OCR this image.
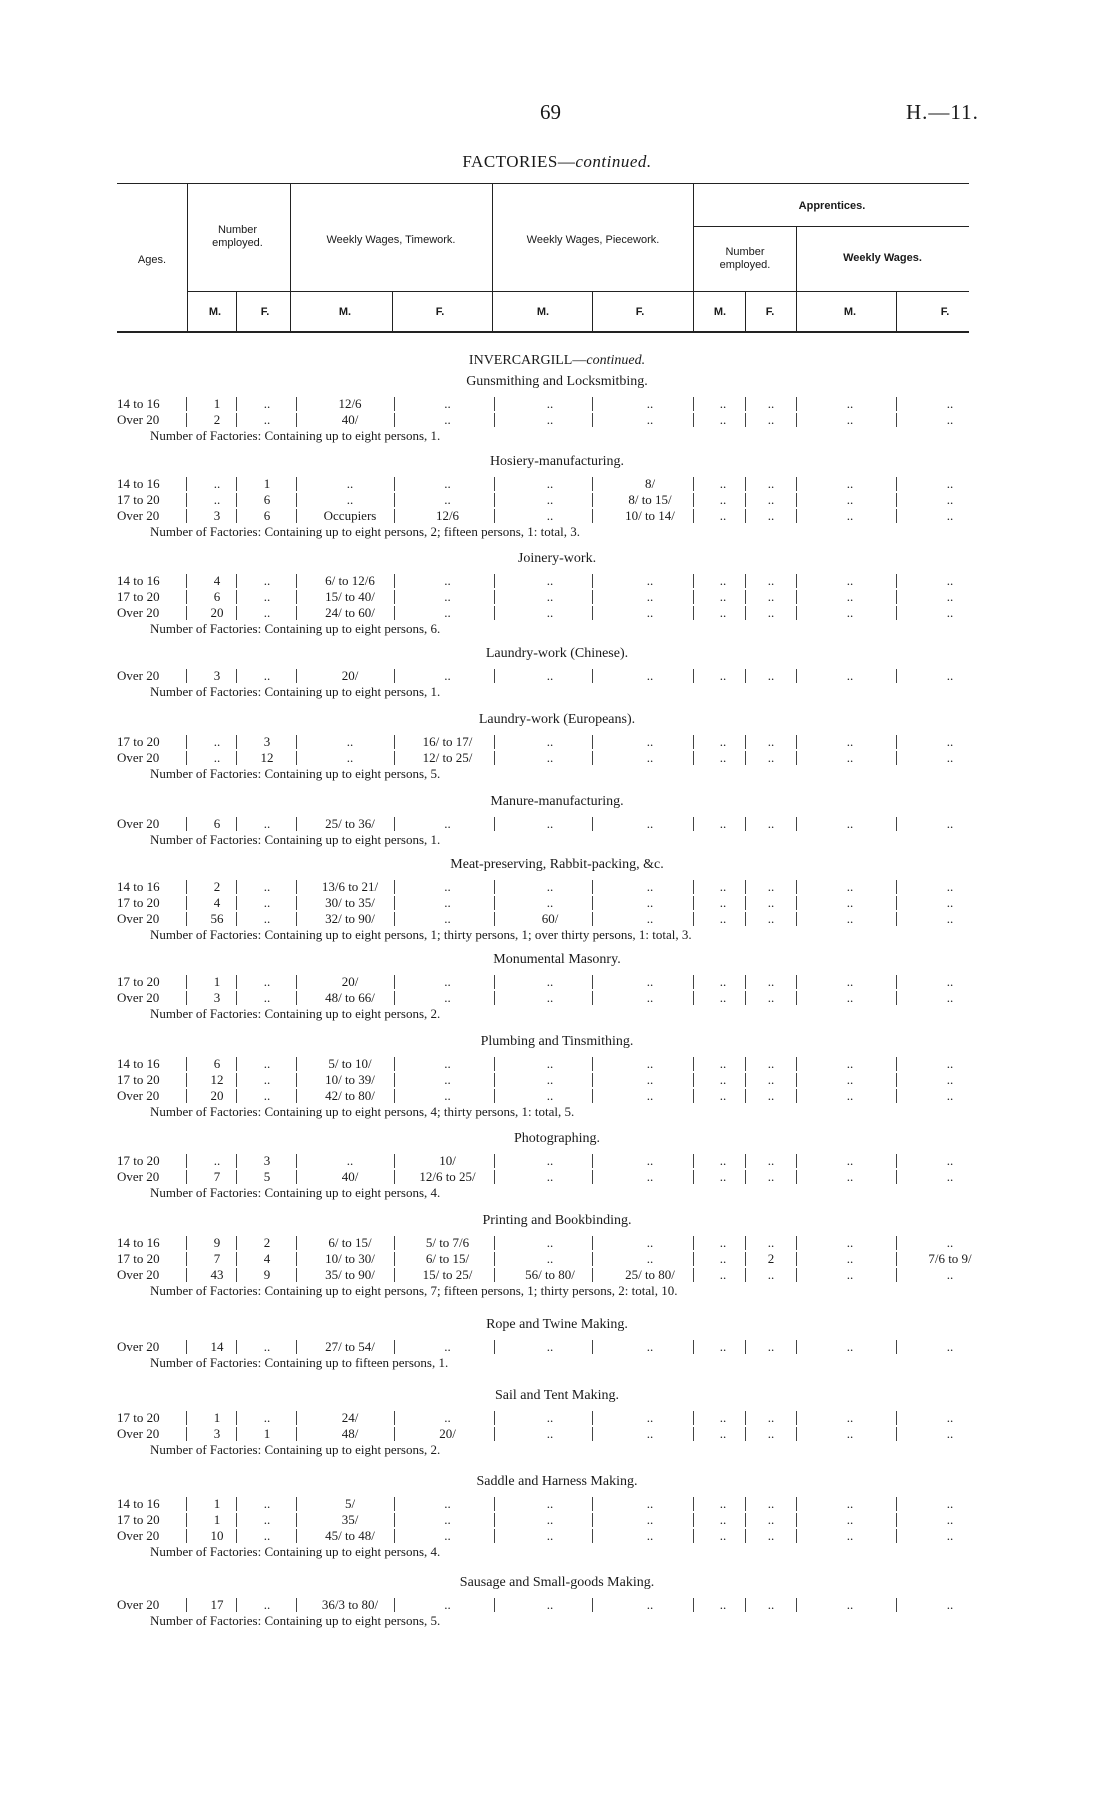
69	H.—11.
FACTORIES—continued.
Ages.
Number employed.	Weekly Wages, Timework.	Weekly Wages, Piecework.
Apprentices.
Number employed.
Weekly Wages.
M.	F.	M.	F.	M.	F.	M.	F.	M.	F.
INVERCARGILL—continued.
Gunsmithing and Locksmitbing.
14 to 16	1	..	12/6	..	..	..	..	..	..	..
Over 20	2	..	40/	..	..	..	..	..	..	..
Number of Factories: Containing up to eight persons, 1.
Hosiery-manufacturing.
14 to 16	..	1	..	..	..	8/	..	..	..	..
17 to 20	..	6	..	..	..	8/ to 15/	..	..	..	..
Over 20	3	6	Occupiers	12/6	..	10/ to 14/	..	..	..	..
Number of Factories: Containing up to eight persons, 2; fifteen persons, 1: total, 3.
Joinery-work.
14 to 16	4	..	6/ to 12/6	..	..	..	..	..	..	..
17 to 20	6	..	15/ to 40/	..	..	..	..	..	..	..
Over 20	20	..	24/ to 60/	..	..	..	..	..	..	..
Number of Factories: Containing up to eight persons, 6.
Laundry-work (Chinese).
Over 20	3	..	20/	..	..	..	..	..	..	..
Number of Factories: Containing up to eight persons, 1.
Laundry-work (Europeans).
17 to 20	..	3	..	16/ to 17/	..	..	..	..	..	..
Over 20	..	12	..	12/ to 25/	..	..	..	..	..	..
Number of Factories: Containing up to eight persons, 5.
Manure-manufacturing.
Over 20	6	..	25/ to 36/	..	..	..	..	..	..	..
Number of Factories: Containing up to eight persons, 1.
Meat-preserving, Rabbit-packing, &c.
14 to 16	2	..	13/6 to 21/	..	..	..	..	..	..	..
17 to 20	4	..	30/ to 35/	..	..	..	..	..	..	..
Over 20	56	..	32/ to 90/	..	60/	..	..	..	..	..
Number of Factories: Containing up to eight persons, 1; thirty persons, 1; over thirty persons, 1: total, 3.
Monumental Masonry.
17 to 20	1	..	20/	..	..	..	..	..	..	..
Over 20	3	..	48/ to 66/	..	..	..	..	..	..	..
Number of Factories: Containing up to eight persons, 2.
Plumbing and Tinsmithing.
14 to 16	6	..	5/ to 10/	..	..	..	..	..	..	..
17 to 20	12	..	10/ to 39/	..	..	..	..	..	..	..
Over 20	20	..	42/ to 80/	..	..	..	..	..	..	..
Number of Factories: Containing up to eight persons, 4; thirty persons, 1: total, 5.
Photographing.
17 to 20	..	3	..	10/	..	..	..	..	..	..
Over 20	7	5	40/	12/6 to 25/	..	..	..	..	..	..
Number of Factories: Containing up to eight persons, 4.
Printing and Bookbinding.
14 to 16	9	2	6/ to 15/	5/ to 7/6	..	..	..	..	..	..
17 to 20	7	4	10/ to 30/	6/ to 15/	..	..	..	2	..	7/6 to 9/
Over 20	43	9	35/ to 90/	15/ to 25/	56/ to 80/	25/ to 80/	..	..	..	..
Number of Factories: Containing up to eight persons, 7; fifteen persons, 1; thirty persons, 2: total, 10.
Rope and Twine Making.
Over 20	14	..	27/ to 54/	..	..	..	..	..	..	..
Number of Factories: Containing up to fifteen persons, 1.
Sail and Tent Making.
17 to 20	1	..	24/	..	..	..	..	..	..	..
Over 20	3	1	48/	20/	..	..	..	..	..	..
Number of Factories: Containing up to eight persons, 2.
Saddle and Harness Making.
14 to 16	1	..	5/	..	..	..	..	..	..	..
17 to 20	1	..	35/	..	..	..	..	..	..	..
Over 20	10	..	45/ to 48/	..	..	..	..	..	..	..
Number of Factories: Containing up to eight persons, 4.
Sausage and Small-goods Making.
Over 20	17	..	36/3 to 80/	..	..	..	..	..	..	..
Number of Factories: Containing up to eight persons, 5.
